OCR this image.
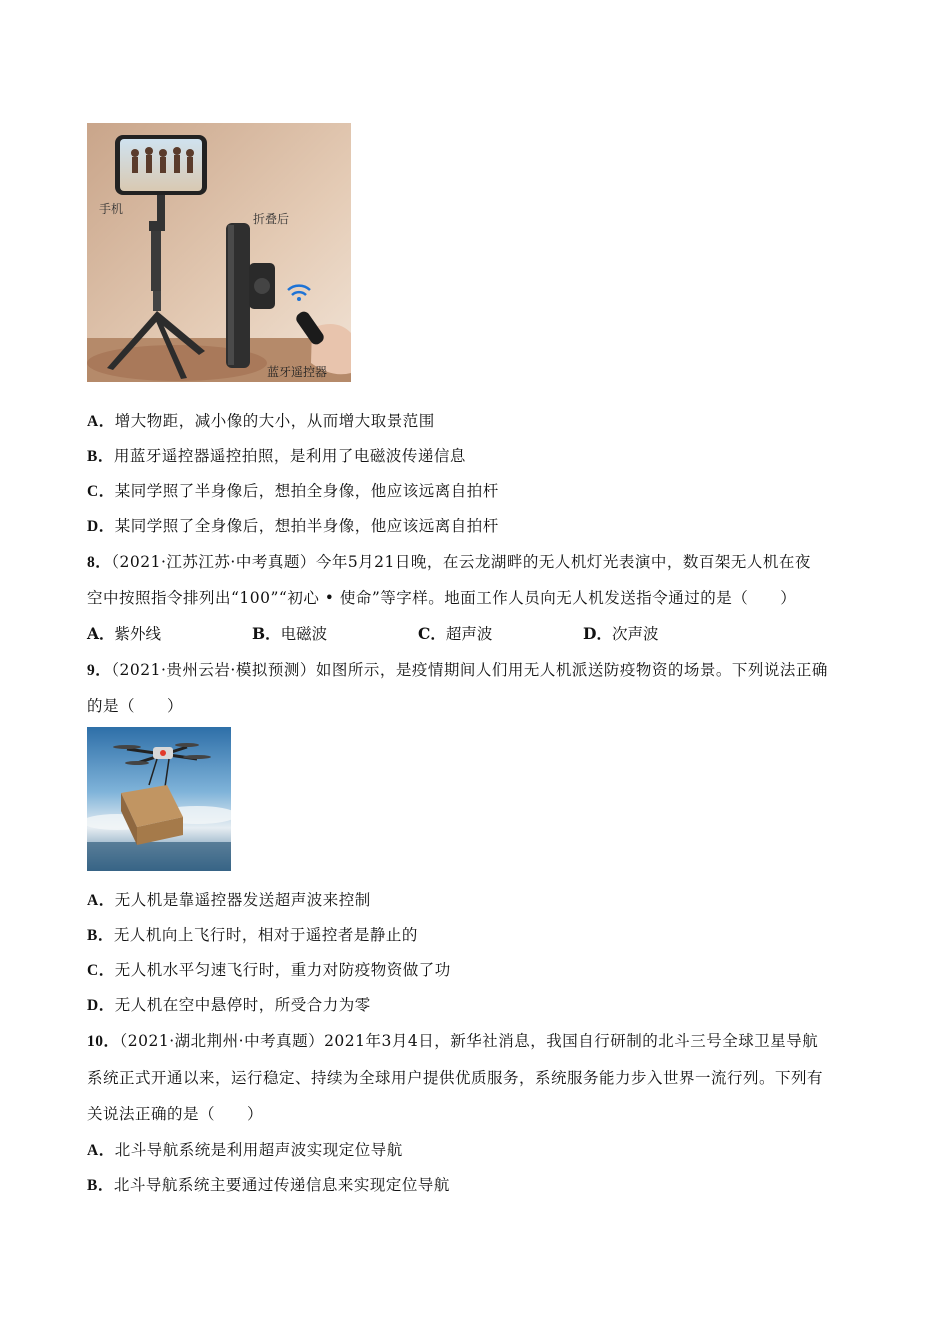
手机
折叠后
蓝牙遥控器
A．增大物距，减小像的大小，从而增大取景范围
B．用蓝牙遥控器遥控拍照，是利用了电磁波传递信息
C．某同学照了半身像后，想拍全身像，他应该远离自拍杆
D．某同学照了全身像后，想拍半身像，他应该远离自拍杆
8．（2021·江苏江苏·中考真题）今年5月21日晚，在云龙湖畔的无人机灯光表演中，数百架无人机在夜
空中按照指令排列出“100”“初心 • 使命”等字样。地面工作人员向无人机发送指令通过的是（　　）
A．紫外线	B．电磁波	C．超声波	D．次声波
9．（2021·贵州云岩·模拟预测）如图所示，是疫情期间人们用无人机派送防疫物资的场景。下列说法正确
的是（　　）
A．无人机是靠遥控器发送超声波来控制
B．无人机向上飞行时，相对于遥控者是静止的
C．无人机水平匀速飞行时，重力对防疫物资做了功
D．无人机在空中悬停时，所受合力为零
10．（2021·湖北荆州·中考真题）2021年3月4日，新华社消息，我国自行研制的北斗三号全球卫星导航
系统正式开通以来，运行稳定、持续为全球用户提供优质服务，系统服务能力步入世界一流行列。下列有
关说法正确的是（　　）
A．北斗导航系统是利用超声波实现定位导航
B．北斗导航系统主要通过传递信息来实现定位导航
